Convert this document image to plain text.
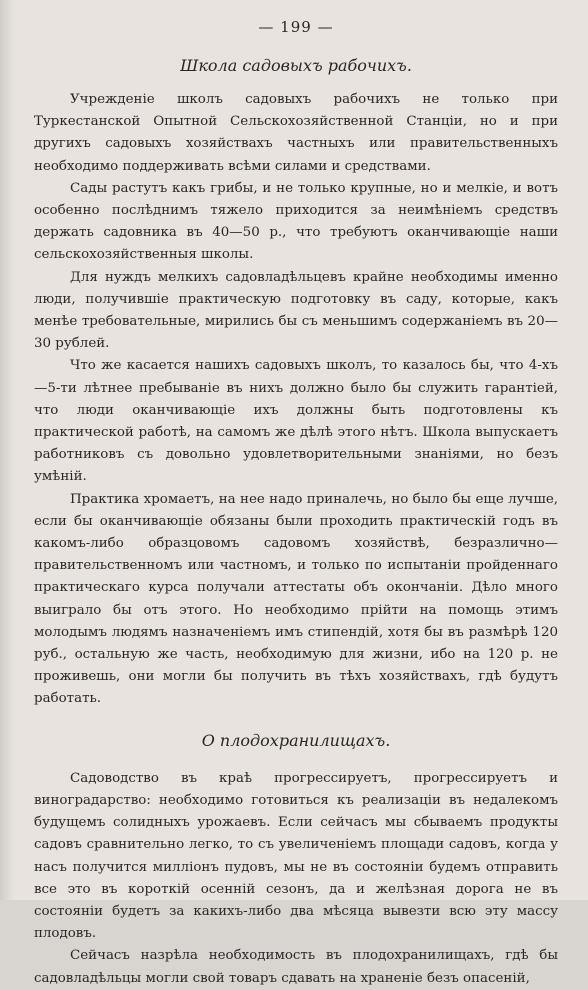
— 199 —
Школа садовыхъ рабочихъ.

Учрежденіе школъ садовыхъ рабочихъ не только при Туркестанской Опытной Сельскохозяйственной Станціи, но и при другихъ садовыхъ хозяйствахъ частныхъ или правительственныхъ необходимо поддерживать всѣми силами и средствами.

Сады растутъ какъ грибы, и не только крупные, но и мелкіе, и вотъ особенно послѣднимъ тяжело приходится за неимѣніемъ средствъ держать садовника въ 40—50 р., что требуютъ оканчивающіе наши сельскохозяйственныя школы.

Для нуждъ мелкихъ садовладѣльцевъ крайне необходимы именно люди, получившіе практическую подготовку въ саду, которые, какъ менѣе требовательные, мирились бы съ меньшимъ содержаніемъ въ 20—30 рублей.

Что же касается нашихъ садовыхъ школъ, то казалось бы, что 4-хъ—5-ти лѣтнее пребываніе въ нихъ должно было бы служить гарантіей, что люди оканчивающіе ихъ должны быть подготовлены къ практической работѣ, на самомъ же дѣлѣ этого нѣтъ. Школа выпускаетъ работниковъ съ довольно удовлетворительными знаніями, но безъ умѣній.

Практика хромаетъ, на нее надо приналечь, но было бы еще лучше, если бы оканчивающіе обязаны были проходить практическій годъ въ какомъ-либо образцовомъ садовомъ хозяйствѣ, безразлично—правительственномъ или частномъ, и только по испытаніи пройденнаго практическаго курса получали аттестаты объ окончаніи. Дѣло много выиграло бы отъ этого. Но необходимо прійти на помощь этимъ молодымъ людямъ назначеніемъ имъ стипендій, хотя бы въ размѣрѣ 120 руб., остальную же часть, необходимую для жизни, ибо на 120 р. не проживешь, они могли бы получить въ тѣхъ хозяйствахъ, гдѣ будутъ работать.

О плодохранилищахъ.

Садоводство въ краѣ прогрессируетъ, прогрессируетъ и виноградарство: необходимо готовиться къ реализаціи въ недалекомъ будущемъ солидныхъ урожаевъ. Если сейчасъ мы сбываемъ продукты садовъ сравнительно легко, то съ увеличеніемъ площади садовъ, когда у насъ получится милліонъ пудовъ, мы не въ состояніи будемъ отправить все это въ короткій осенній сезонъ, да и желѣзная дорога не въ состояніи будетъ за какихъ-либо два мѣсяца вывезти всю эту массу плодовъ.

Сейчасъ назрѣла необходимость въ плодохранилищахъ, гдѣ бы садовладѣльцы могли свой товаръ сдавать на храненіе безъ опасеній,
